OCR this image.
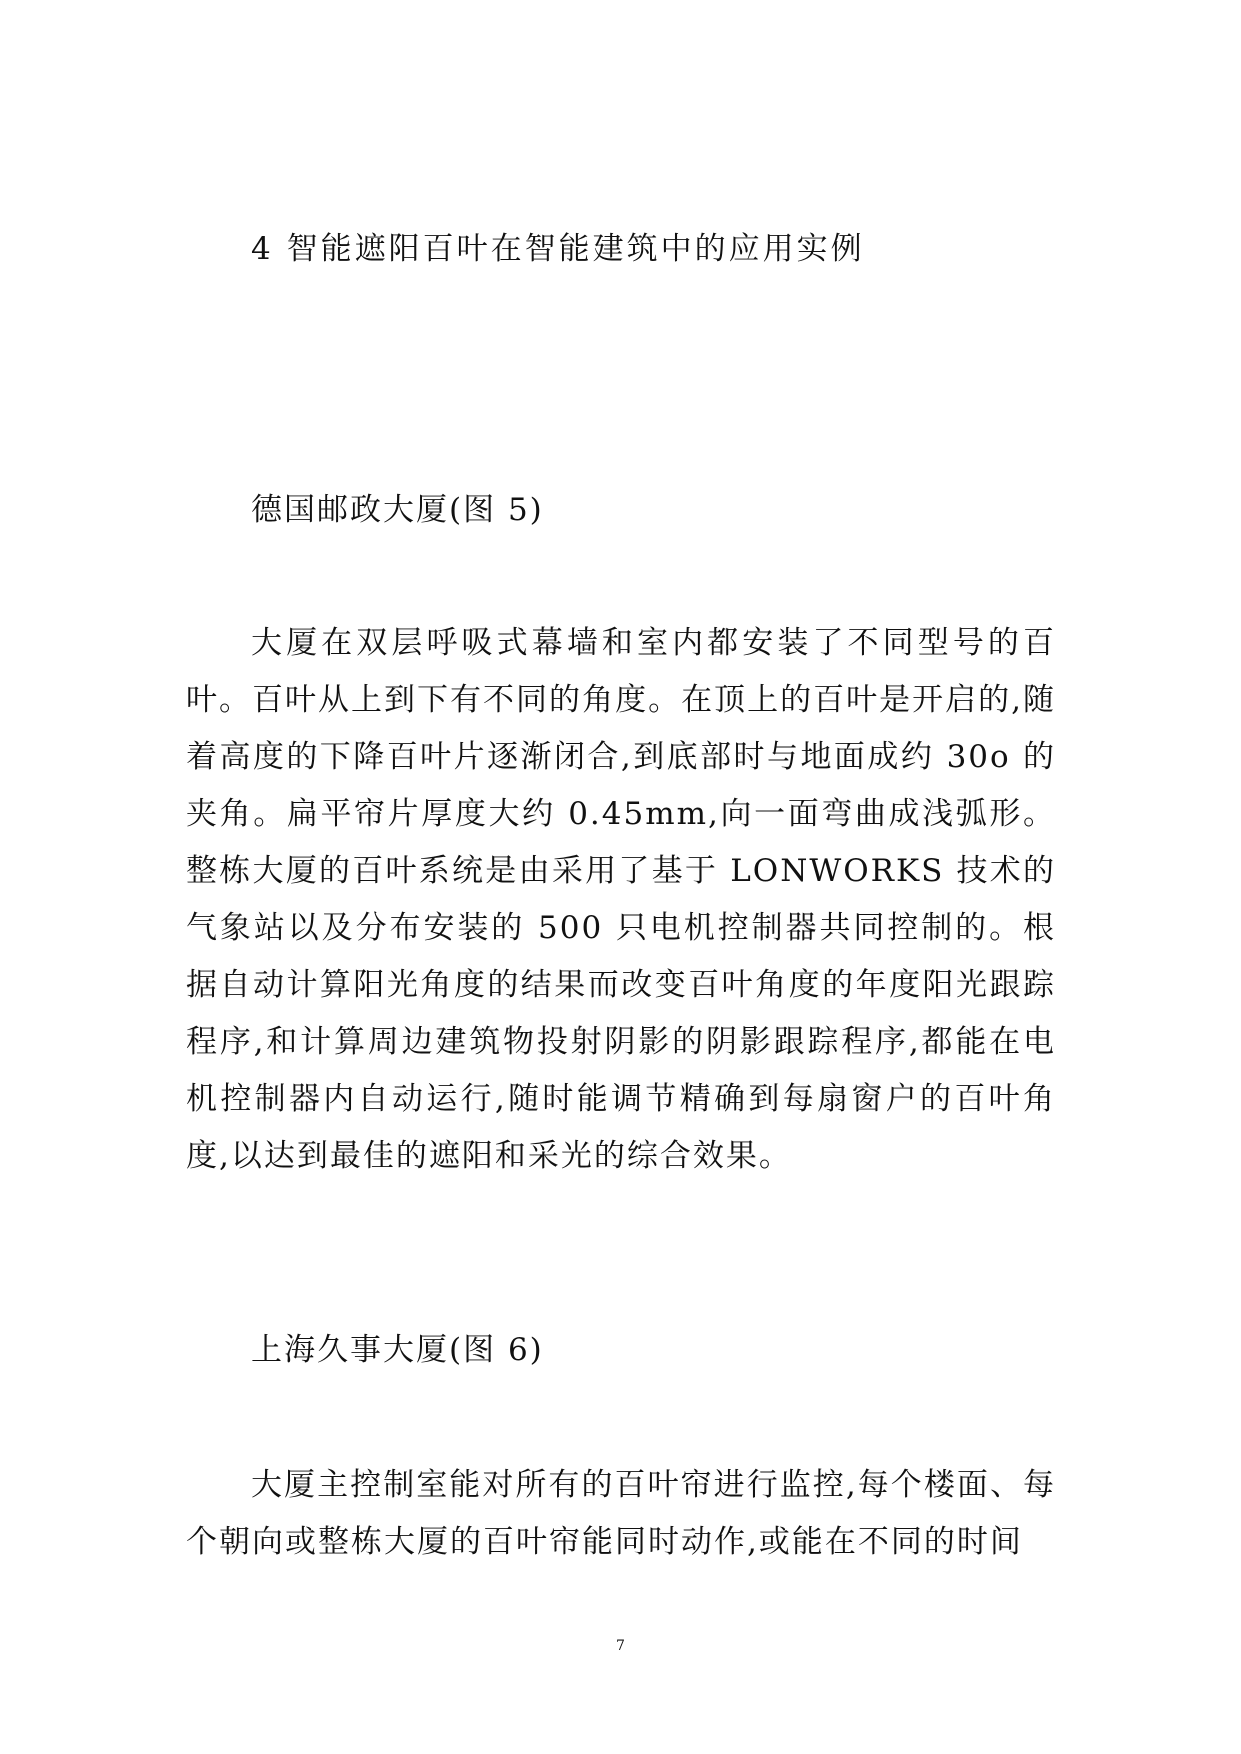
4 智能遮阳百叶在智能建筑中的应用实例
德国邮政大厦(图 5)

大厦在双层呼吸式幕墙和室内都安装了不同型号的百叶。百叶从上到下有不同的角度。在顶上的百叶是开启的,随着高度的下降百叶片逐渐闭合,到底部时与地面成约 30o 的夹角。扁平帘片厚度大约 0.45mm,向一面弯曲成浅弧形。整栋大厦的百叶系统是由采用了基于 LONWORKS 技术的气象站以及分布安装的 500 只电机控制器共同控制的。根据自动计算阳光角度的结果而改变百叶角度的年度阳光跟踪程序,和计算周边建筑物投射阴影的阴影跟踪程序,都能在电机控制器内自动运行,随时能调节精确到每扇窗户的百叶角度,以达到最佳的遮阳和采光的综合效果。

上海久事大厦(图 6)

大厦主控制室能对所有的百叶帘进行监控,每个楼面、每个朝向或整栋大厦的百叶帘能同时动作,或能在不同的时间

7
